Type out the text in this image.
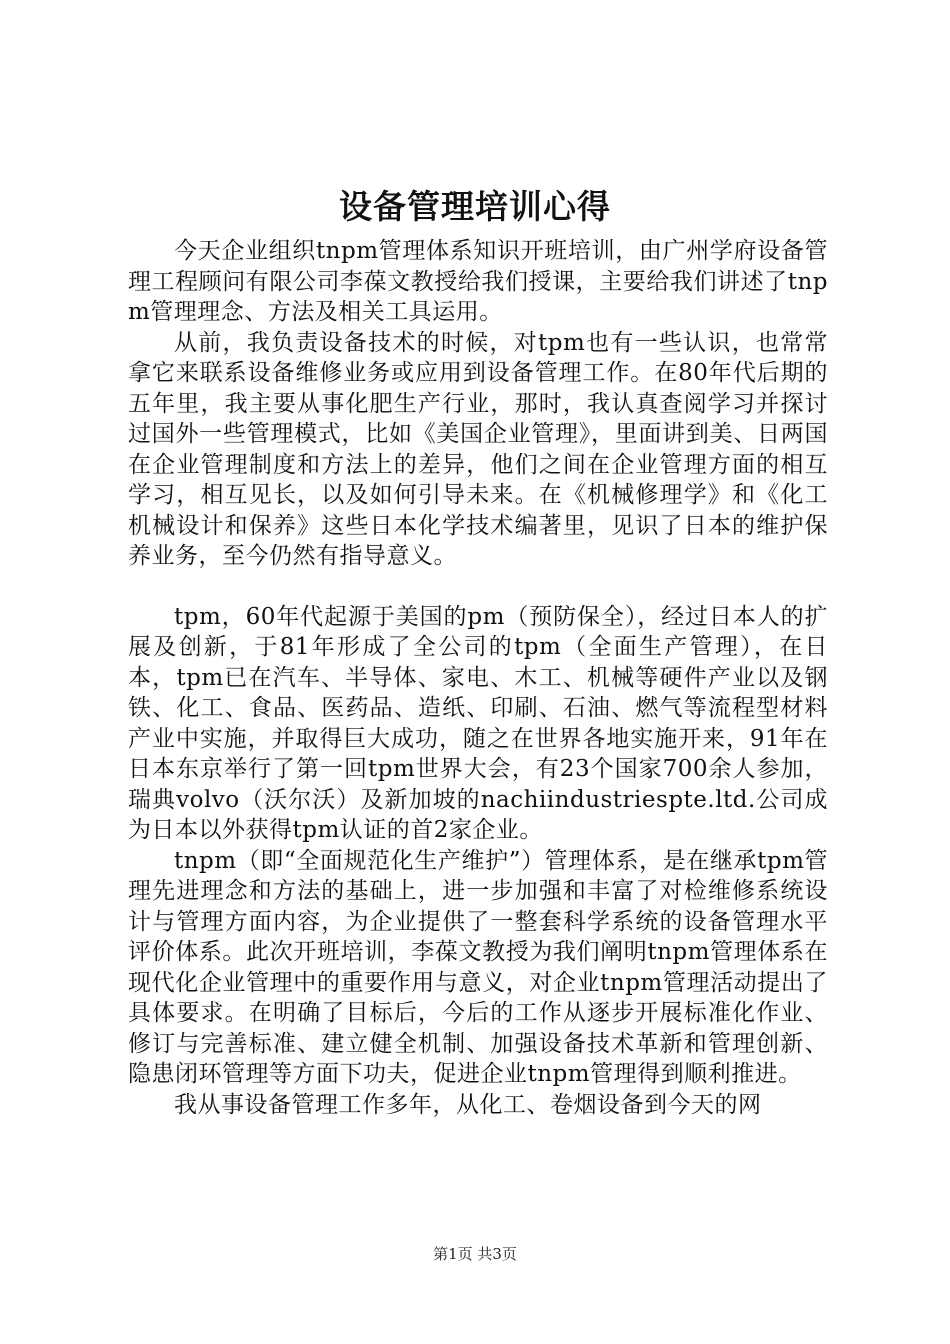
设备管理培训心得

今天企业组织tnpm管理体系知识开班培训，由广州学府设备管理工程顾问有限公司李葆文教授给我们授课，主要给我们讲述了tnpm管理理念、方法及相关工具运用。

从前，我负责设备技术的时候，对tpm也有一些认识，也常常拿它来联系设备维修业务或应用到设备管理工作。在80年代后期的五年里，我主要从事化肥生产行业，那时，我认真查阅学习并探讨过国外一些管理模式，比如《美国企业管理》，里面讲到美、日两国在企业管理制度和方法上的差异，他们之间在企业管理方面的相互学习，相互见长，以及如何引导未来。在《机械修理学》和《化工机械设计和保养》这些日本化学技术编著里，见识了日本的维护保养业务，至今仍然有指导意义。

tpm，60年代起源于美国的pm（预防保全），经过日本人的扩展及创新，于81年形成了全公司的tpm（全面生产管理），在日本，tpm已在汽车、半导体、家电、木工、机械等硬件产业以及钢铁、化工、食品、医药品、造纸、印刷、石油、燃气等流程型材料产业中实施，并取得巨大成功，随之在世界各地实施开来，91年在日本东京举行了第一回tpm世界大会，有23个国家700余人参加，瑞典volvo（沃尔沃）及新加坡的nachiindustriespte.ltd.公司成为日本以外获得tpm认证的首2家企业。

tnpm（即“全面规范化生产维护”）管理体系，是在继承tpm管理先进理念和方法的基础上，进一步加强和丰富了对检维修系统设计与管理方面内容，为企业提供了一整套科学系统的设备管理水平评价体系。此次开班培训，李葆文教授为我们阐明tnpm管理体系在现代化企业管理中的重要作用与意义，对企业tnpm管理活动提出了具体要求。在明确了目标后，今后的工作从逐步开展标准化作业、修订与完善标准、建立健全机制、加强设备技术革新和管理创新、隐患闭环管理等方面下功夫，促进企业tnpm管理得到顺利推进。

我从事设备管理工作多年，从化工、卷烟设备到今天的网

第1页 共3页
